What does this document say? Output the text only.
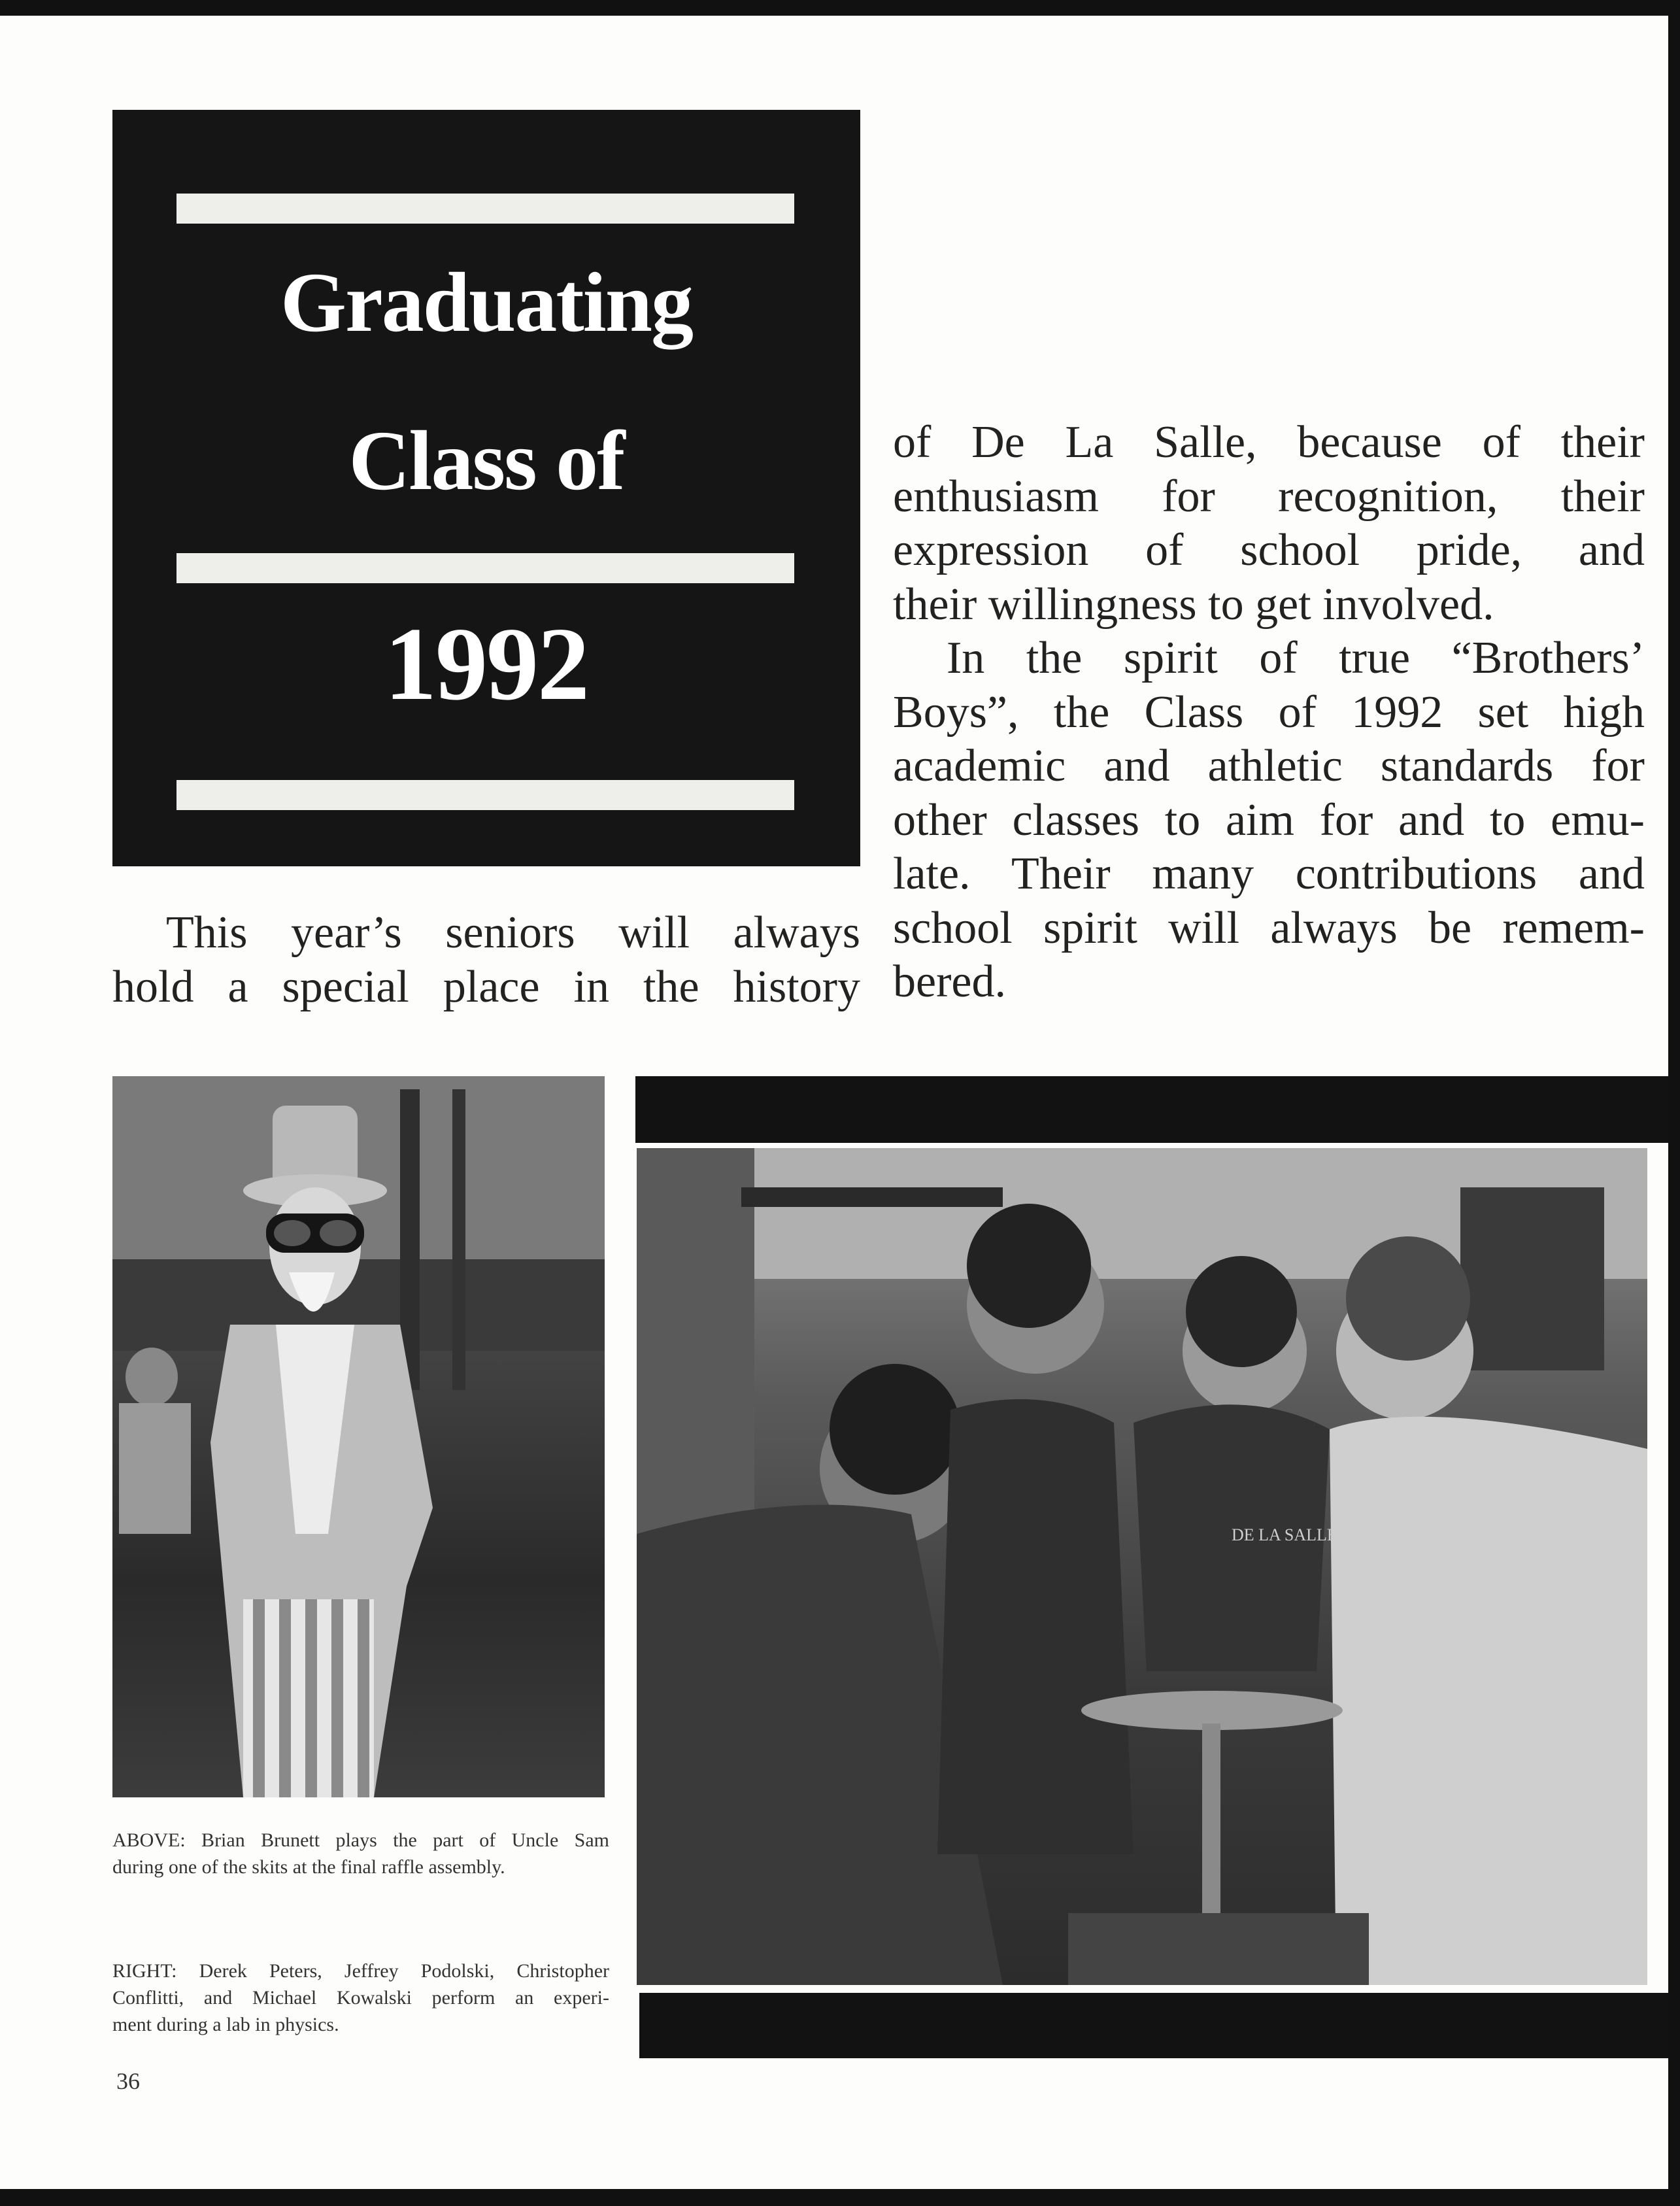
Graduating
Class of
1992
This year’s seniors will always
hold a special place in the history
of De La Salle, because of their
enthusiasm for recognition, their
expression of school pride, and
their willingness to get involved.
In the spirit of true “Brothers’
Boys”, the Class of 1992 set high
academic and athletic standards for
other classes to aim for and to emu-
late. Their many contributions and
school spirit will always be remem-
bered.
DE LA SALLE PILOTS
ABOVE: Brian Brunett plays the part of Uncle Sam
during one of the skits at the final raffle assembly.
RIGHT: Derek Peters, Jeffrey Podolski, Christopher
Conflitti, and Michael Kowalski perform an experi-
ment during a lab in physics.
36
